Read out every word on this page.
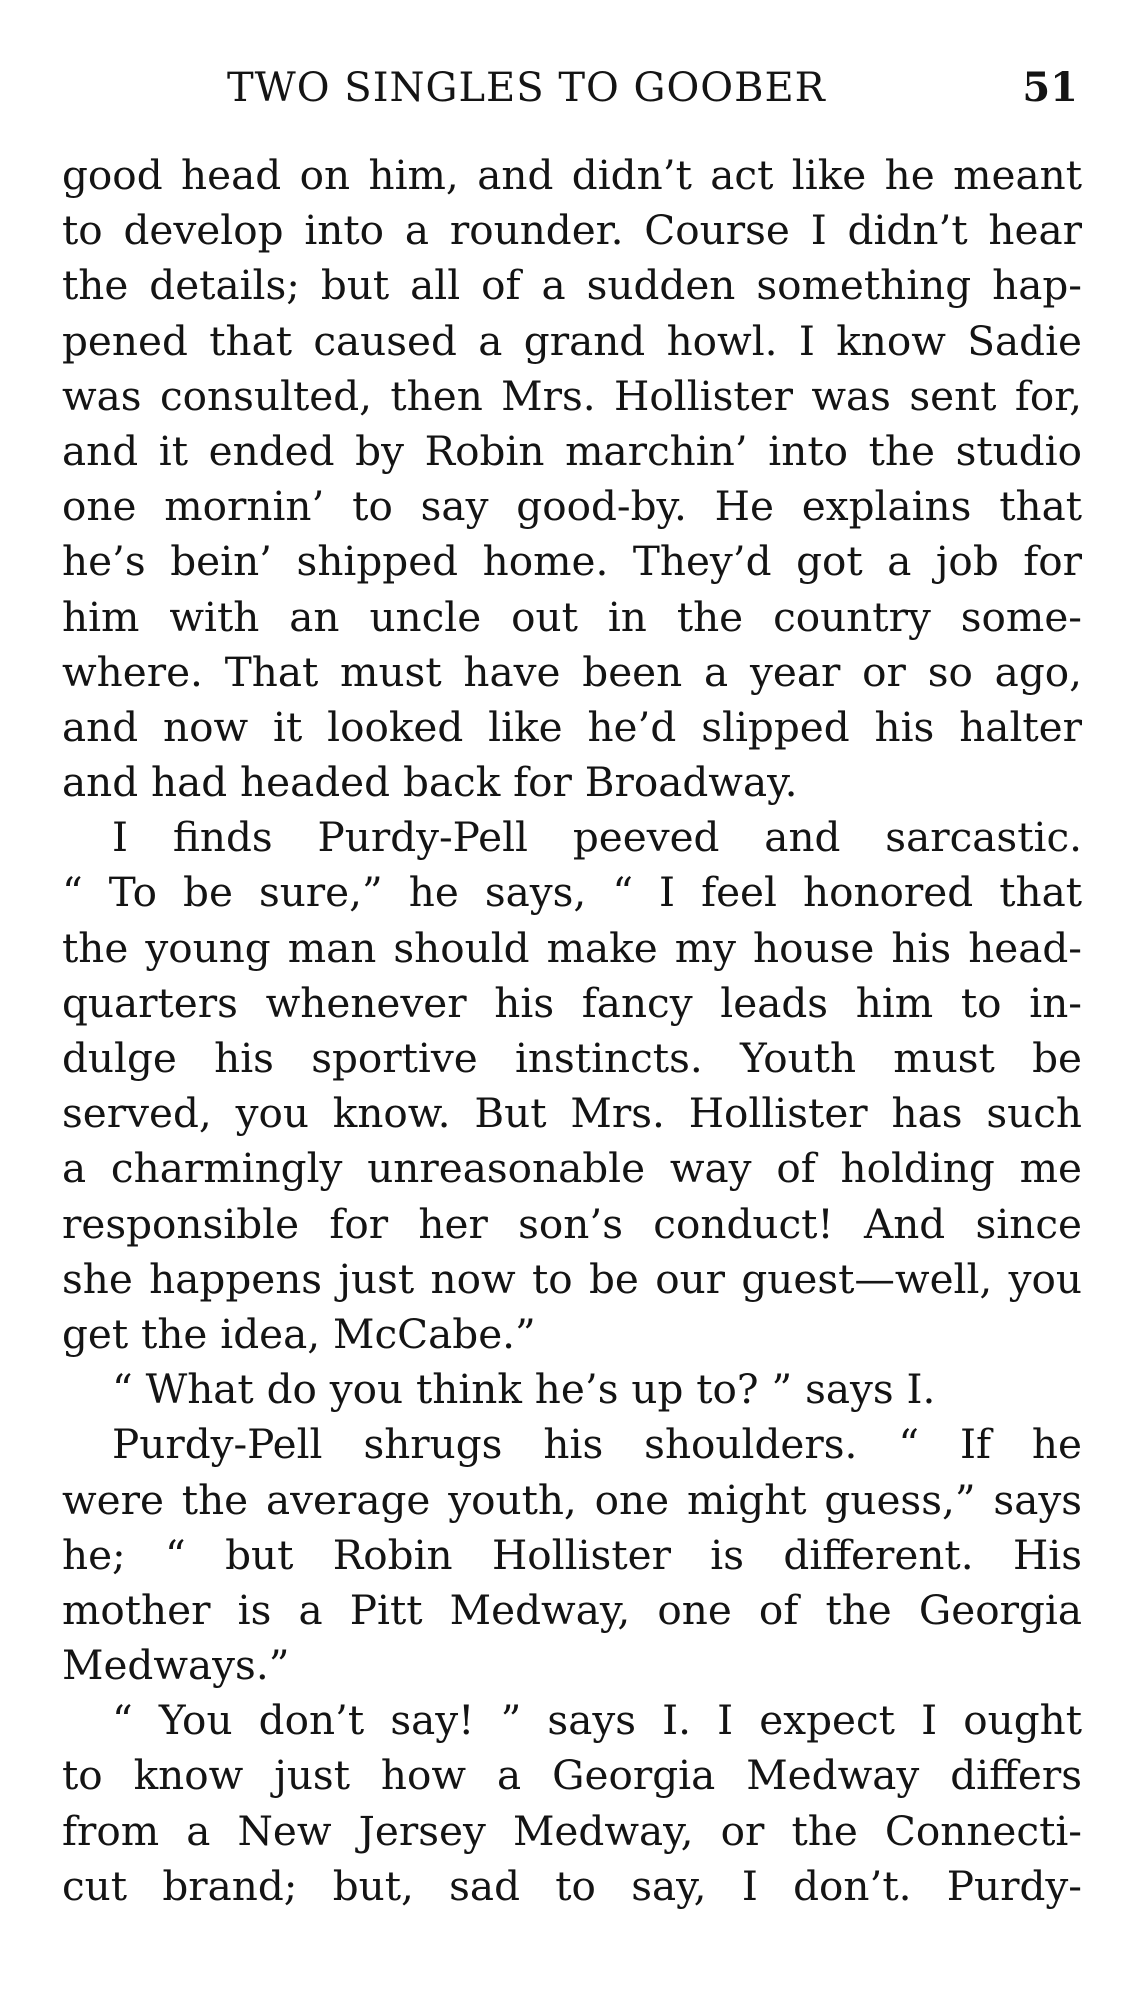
TWO SINGLES TO GOOBER	51
good head on him, and didn’t act like he meant
to develop into a rounder. Course I didn’t hear
the details; but all of a sudden something hap-
pened that caused a grand howl. I know Sadie
was consulted, then Mrs. Hollister was sent for,
and it ended by Robin marchin’ into the studio
one mornin’ to say good-by. He explains that
he’s bein’ shipped home. They’d got a job for
him with an uncle out in the country some-
where. That must have been a year or so ago,
and now it looked like he’d slipped his halter
and had headed back for Broadway.
I finds Purdy-Pell peeved and sarcastic.
“ To be sure,” he says, “ I feel honored that
the young man should make my house his head-
quarters whenever his fancy leads him to in-
dulge his sportive instincts. Youth must be
served, you know. But Mrs. Hollister has such
a charmingly unreasonable way of holding me
responsible for her son’s conduct! And since
she happens just now to be our guest—well, you
get the idea, McCabe.”
“ What do you think he’s up to? ” says I.
Purdy-Pell shrugs his shoulders. “ If he
were the average youth, one might guess,” says
he; “ but Robin Hollister is different. His
mother is a Pitt Medway, one of the Georgia
Medways.”
“ You don’t say! ” says I. I expect I ought
to know just how a Georgia Medway differs
from a New Jersey Medway, or the Connecti-
cut brand; but, sad to say, I don’t. Purdy-
